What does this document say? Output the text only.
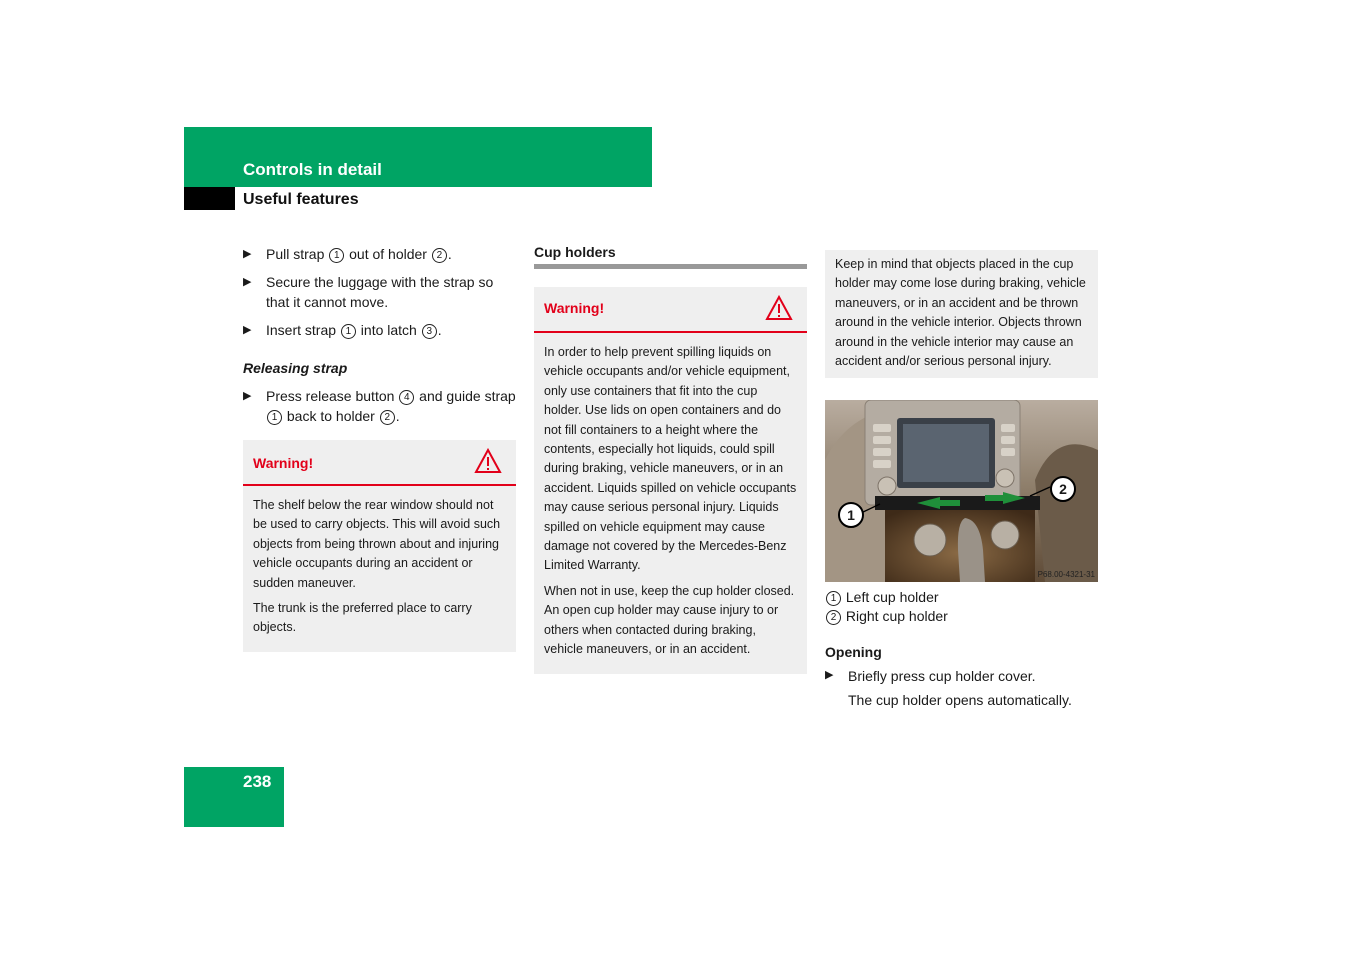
Controls in detail
Useful features
▶ Pull strap 1 out of holder 2 .
▶ Secure the luggage with the strap so that it cannot move.
▶ Insert strap 1 into latch 3 .
Releasing strap
▶ Press release button 4 and guide strap 1 back to holder 2 .
Warning!

The shelf below the rear window should not be used to carry objects. This will avoid such objects from being thrown about and injuring vehicle occupants during an accident or sudden maneuver.

The trunk is the preferred place to carry objects.

Cup holders
Warning!

In order to help prevent spilling liquids on vehicle occupants and/or vehicle equipment, only use containers that fit into the cup holder. Use lids on open containers and do not fill containers to a height where the contents, especially hot liquids, could spill during braking, vehicle maneuvers, or in an accident. Liquids spilled on vehicle occupants may cause serious personal injury. Liquids spilled on vehicle equipment may cause damage not covered by the Mercedes-Benz Limited Warranty.

When not in use, keep the cup holder closed. An open cup holder may cause injury to or others when contacted during braking, vehicle maneuvers, or in an accident.

Keep in mind that objects placed in the cup holder may come lose during braking, vehicle maneuvers, or in an accident and be thrown around in the vehicle interior. Objects thrown around in the vehicle interior may cause an accident and/or serious personal injury.
1
2
P68.00-4321-31
1 Left cup holder
2 Right cup holder
Opening
▶ Briefly press cup holder cover.
The cup holder opens automatically.
238
